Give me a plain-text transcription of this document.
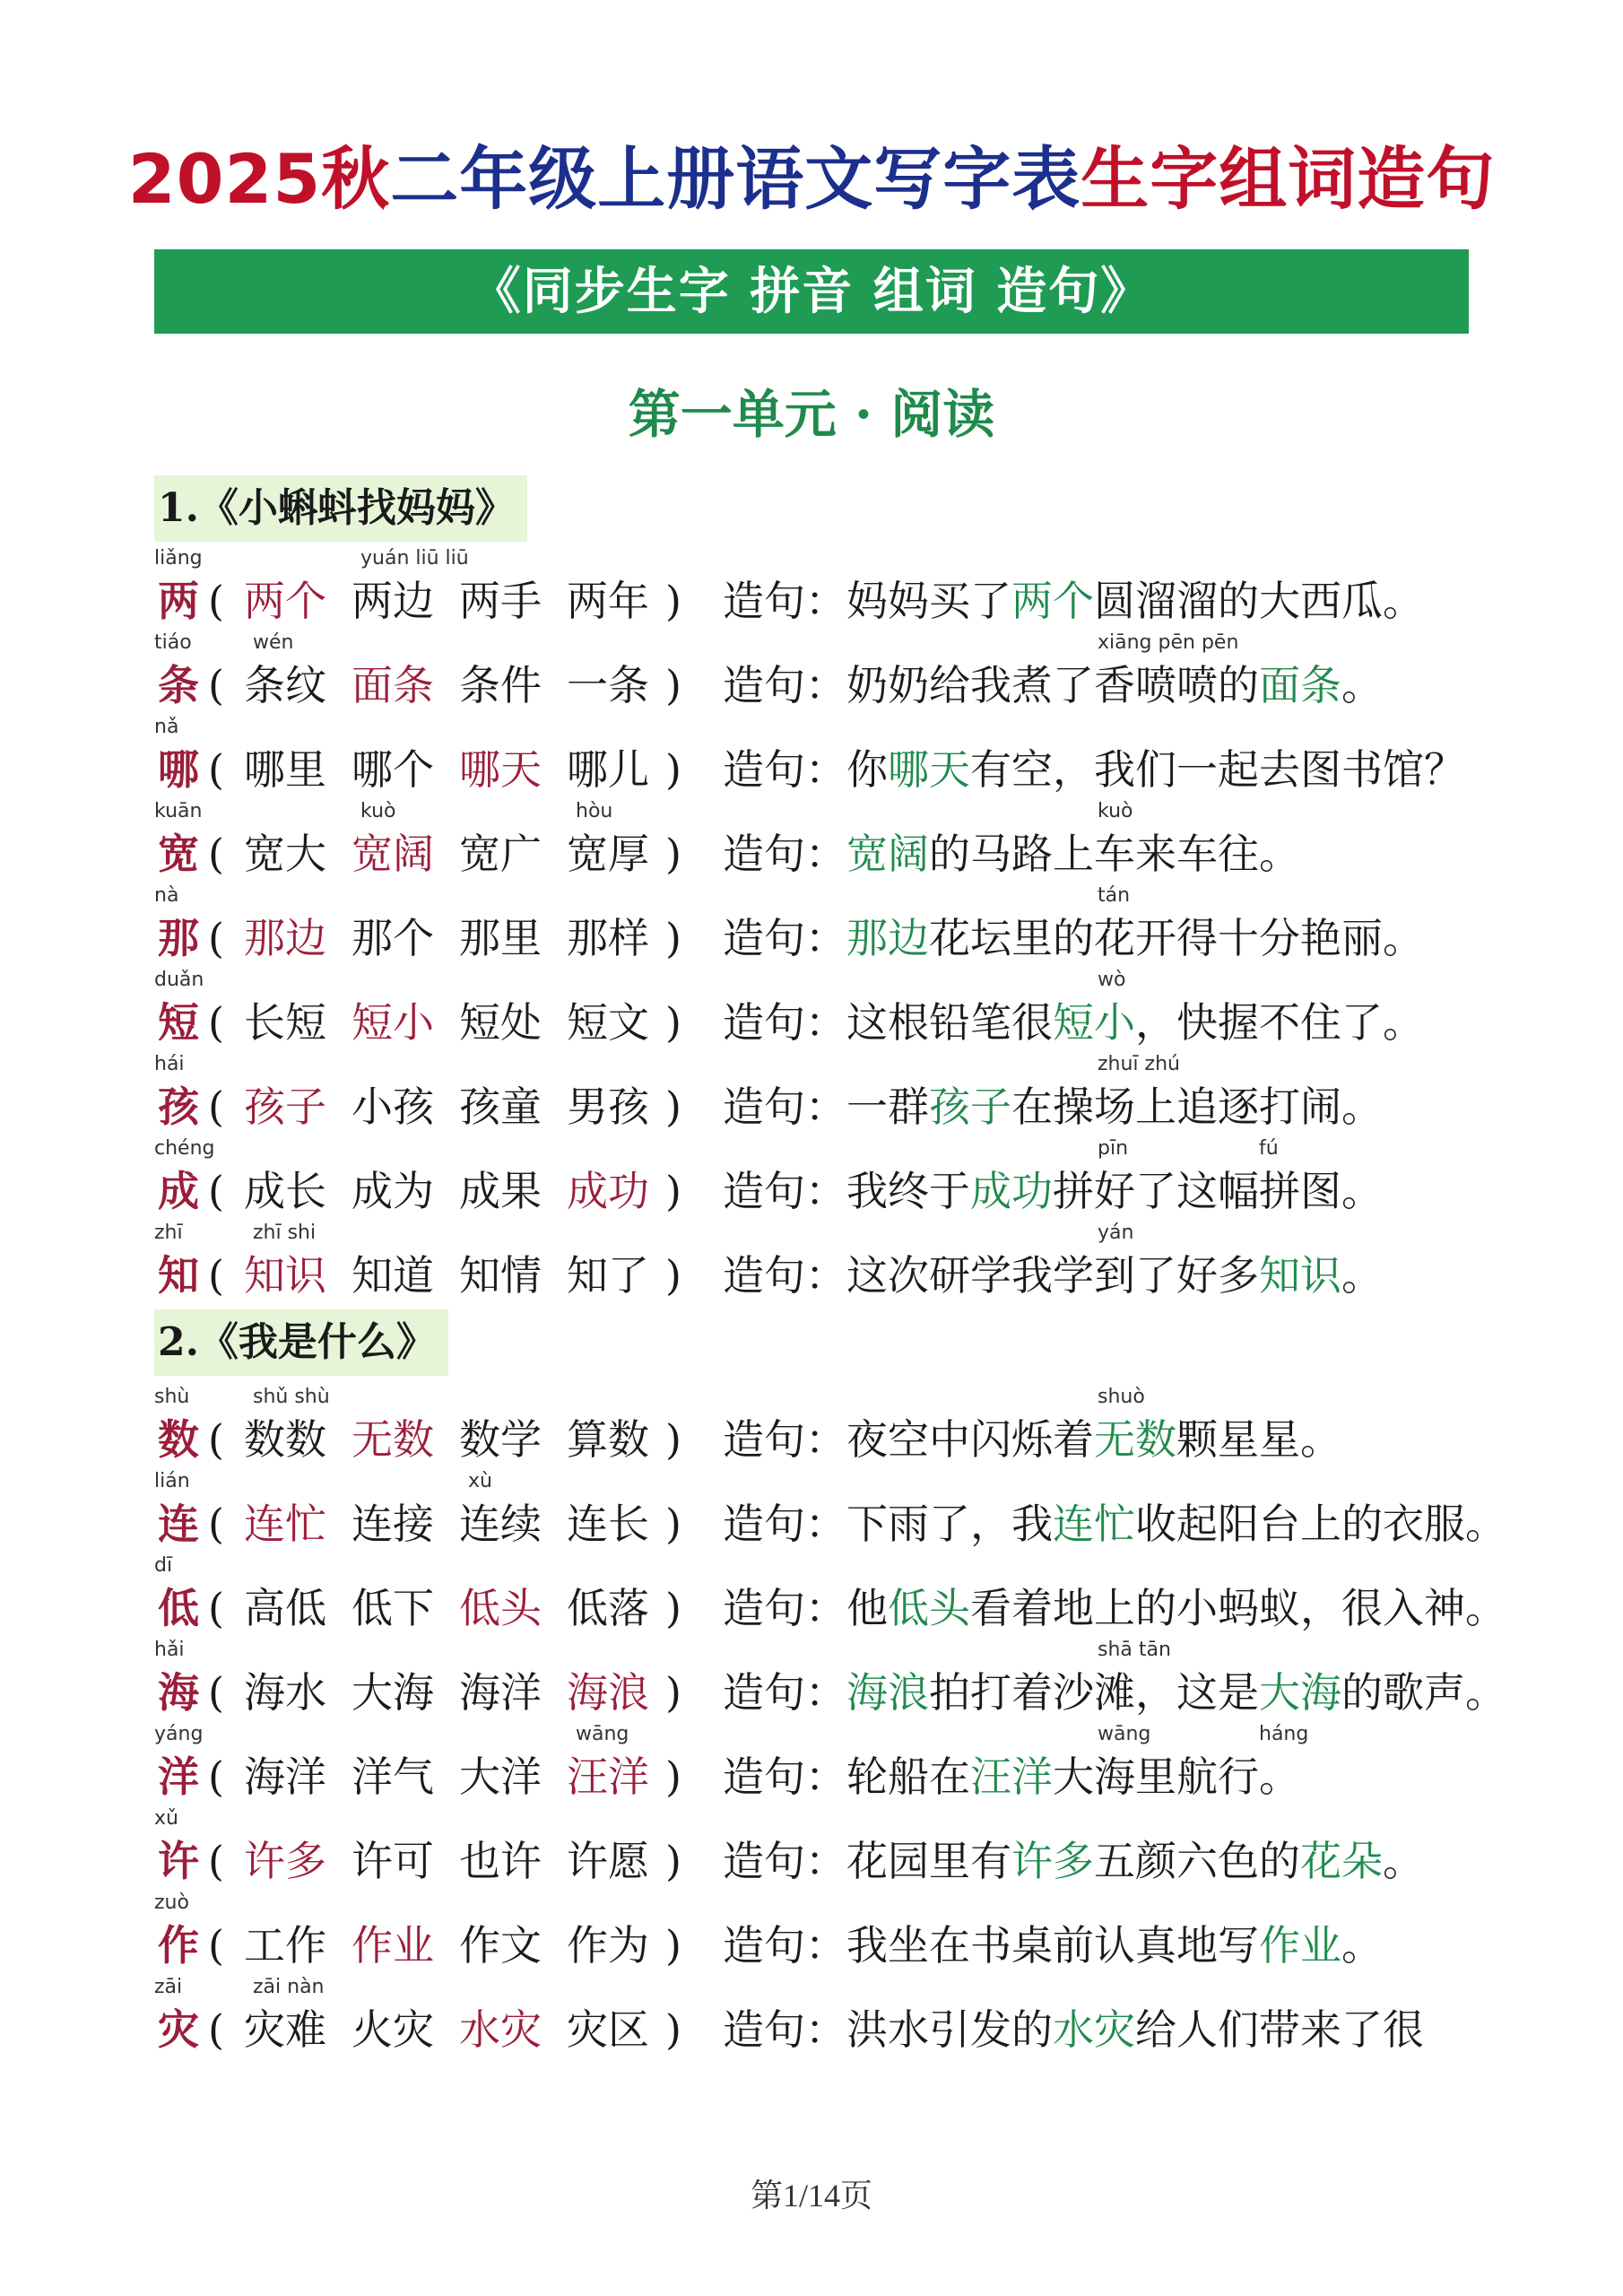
2025秋二年级上册语文写字表生字组词造句
《同步生字 拼音 组词 造句》
第一单元 · 阅读
1.《小蝌蚪找妈妈》
liǎng
两 ( 两个 两边 两手 两年 ) 造句： 妈妈买了两个圆溜溜的大西瓜。
yuán liū liū
tiáo
条 ( 条纹 面条 条件 一条 ) 造句： 奶奶给我煮了香喷喷的面条。
wén	xiāng pēn pēn
nǎ
哪 ( 哪里 哪个 哪天 哪儿 ) 造句： 你哪天有空，我们一起去图书馆？
kuān
宽 ( 宽大 宽阔 宽广 宽厚 ) 造句： 宽阔的马路上车来车往。
kuò	hòu	kuò
nà
那 ( 那边 那个 那里 那样 ) 造句： 那边花坛里的花开得十分艳丽。
tán
duǎn
短 ( 长短 短小 短处 短文 ) 造句： 这根铅笔很短小，快握不住了。
wò
hái
孩 ( 孩子 小孩 孩童 男孩 ) 造句： 一群孩子在操场上追逐打闹。
zhuī zhú
chéng
成 ( 成长 成为 成果 成功 ) 造句： 我终于成功拼好了这幅拼图。
pīn	fú
zhī
知 ( 知识 知道 知情 知了 ) 造句： 这次研学我学到了好多知识。
zhī shi	yán
2.《我是什么》
shù
数 ( 数数 无数 数学 算数 ) 造句： 夜空中闪烁着无数颗星星。
shǔ shù	shuò
lián
连 ( 连忙 连接 连续 连长 ) 造句： 下雨了，我连忙收起阳台上的衣服。
xù
dī
低 ( 高低 低下 低头 低落 ) 造句： 他低头看着地上的小蚂蚁，很入神。
hǎi
海 ( 海水 大海 海洋 海浪 ) 造句： 海浪拍打着沙滩，这是大海的歌声。
shā tān
yáng
洋 ( 海洋 洋气 大洋 汪洋 ) 造句： 轮船在汪洋大海里航行。
wāng	wāng	háng
xǔ
许 ( 许多 许可 也许 许愿 ) 造句： 花园里有许多五颜六色的花朵。
zuò
作 ( 工作 作业 作文 作为 ) 造句： 我坐在书桌前认真地写作业。
zāi
灾 ( 灾难 火灾 水灾 灾区 ) 造句： 洪水引发的水灾给人们带来了很
zāi nàn
第1/14页
